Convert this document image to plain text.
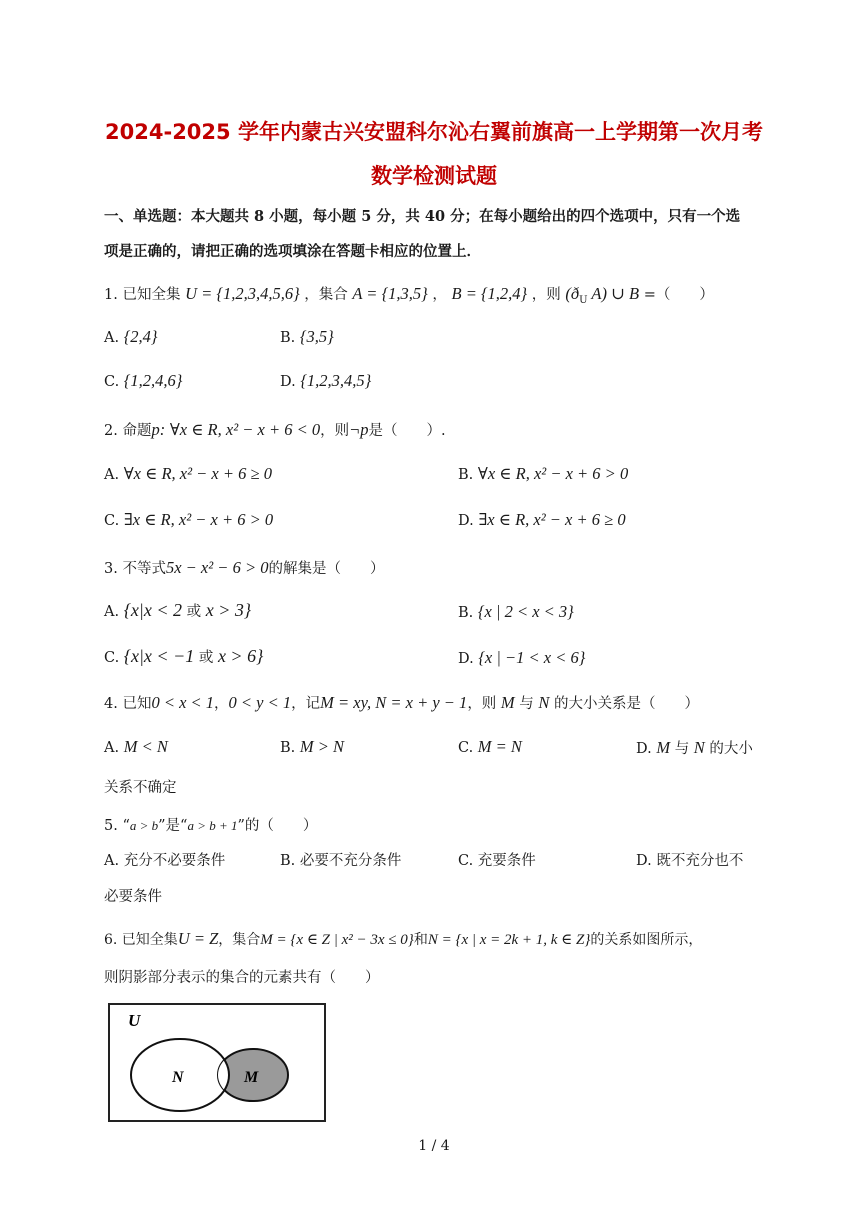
2024-2025 学年内蒙古兴安盟科尔沁右翼前旗高一上学期第一次月考
数学检测试题
一、单选题：本大题共 8 小题，每小题 5 分，共 40 分；在每小题给出的四个选项中，只有一个选
项是正确的，请把正确的选项填涂在答题卡相应的位置上．
1. 已知全集 U = {1,2,3,4,5,6} ，集合 A = {1,3,5} ， B = {1,2,4} ，则 ($ð_U$ A) ∪ B =（　　）
A. {2,4}	B. {3,5}
C. {1,2,4,6}	D. {1,2,3,4,5}
2. 命题p: ∀x ∈ R, x² − x + 6 < 0，则¬p是（　　）.
A. ∀x ∈ R, x² − x + 6 ≥ 0	B. ∀x ∈ R, x² − x + 6 > 0
C. ∃x ∈ R, x² − x + 6 > 0	D. ∃x ∈ R, x² − x + 6 ≥ 0
3. 不等式5x − x² − 6 > 0的解集是（　　）
A. {x|x < 2 或 x > 3}	B. {x | 2 < x < 3}
C. {x|x < −1 或 x > 6}	D. {x | −1 < x < 6}
4. 已知0 < x < 1，0 < y < 1，记M = xy, N = x + y − 1，则 M 与 N 的大小关系是（　　）
A. M < N	B. M > N	C. M = N	D. M 与 N 的大小
关系不确定
5. “a > b”是“a > b + 1”的（　　）
A. 充分不必要条件	B. 必要不充分条件	C. 充要条件	D. 既不充分也不
必要条件
6. 已知全集U = Z，集合M = {x ∈ Z | x² − 3x ≤ 0}和N = {x | x = 2k + 1, k ∈ Z}的关系如图所示，
则阴影部分表示的集合的元素共有（　　）
U
N	M
1 / 4
